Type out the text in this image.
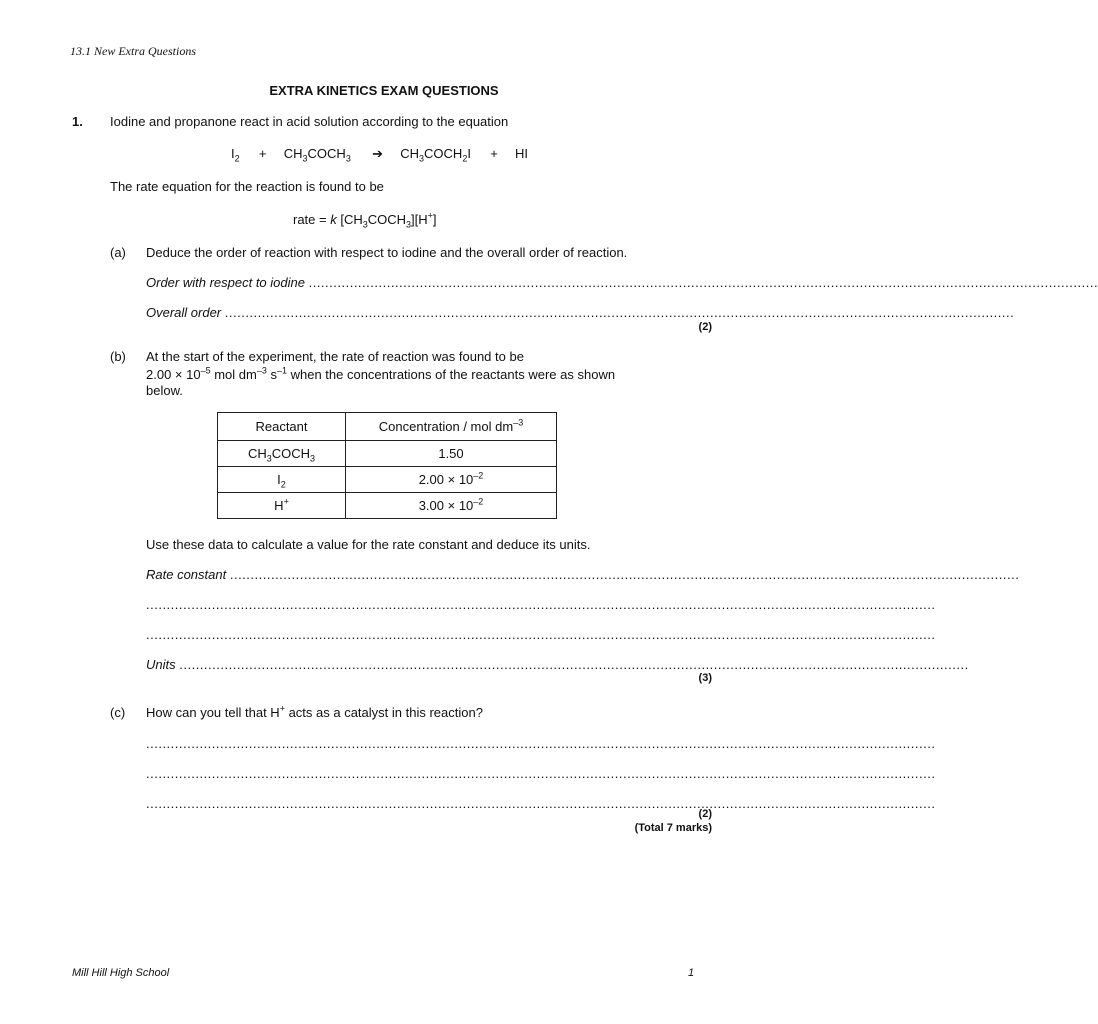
13.1 New Extra Questions
EXTRA KINETICS EXAM QUESTIONS
1. Iodine and propanone react in acid solution according to the equation
$I_2$ + $CH_3COCH_3$ ➔ $CH_3COCH_2I$ + HI
The rate equation for the reaction is found to be
rate = k $[CH_3COCH_3][H^+]$
(a) Deduce the order of reaction with respect to iodine and the overall order of reaction.
Order with respect to iodine ................................................................................................................................................................................................
Overall order ................................................................................................................................................................................................
(2)
(b) At the start of the experiment, the rate of reaction was found to be
$2.00 \times 10^{-5}$ mol $dm^{-3}$ $s^{-1}$ when the concentrations of the reactants were as shown
below.
Reactant	Concentration / mol $dm^{-3}$
$CH_3COCH_3$	1.50
$I_2$	$2.00 \times 10^{-2}$
H+	$3.00 \times 10^{-2}$
Use these data to calculate a value for the rate constant and deduce its units.
Rate constant ................................................................................................................................................................................................
................................................................................................................................................................................................
................................................................................................................................................................................................
Units ................................................................................................................................................................................................
(3)
(c) How can you tell that H+ acts as a catalyst in this reaction?
................................................................................................................................................................................................
................................................................................................................................................................................................
................................................................................................................................................................................................
(2)
(Total 7 marks)
Mill Hill High School	1
